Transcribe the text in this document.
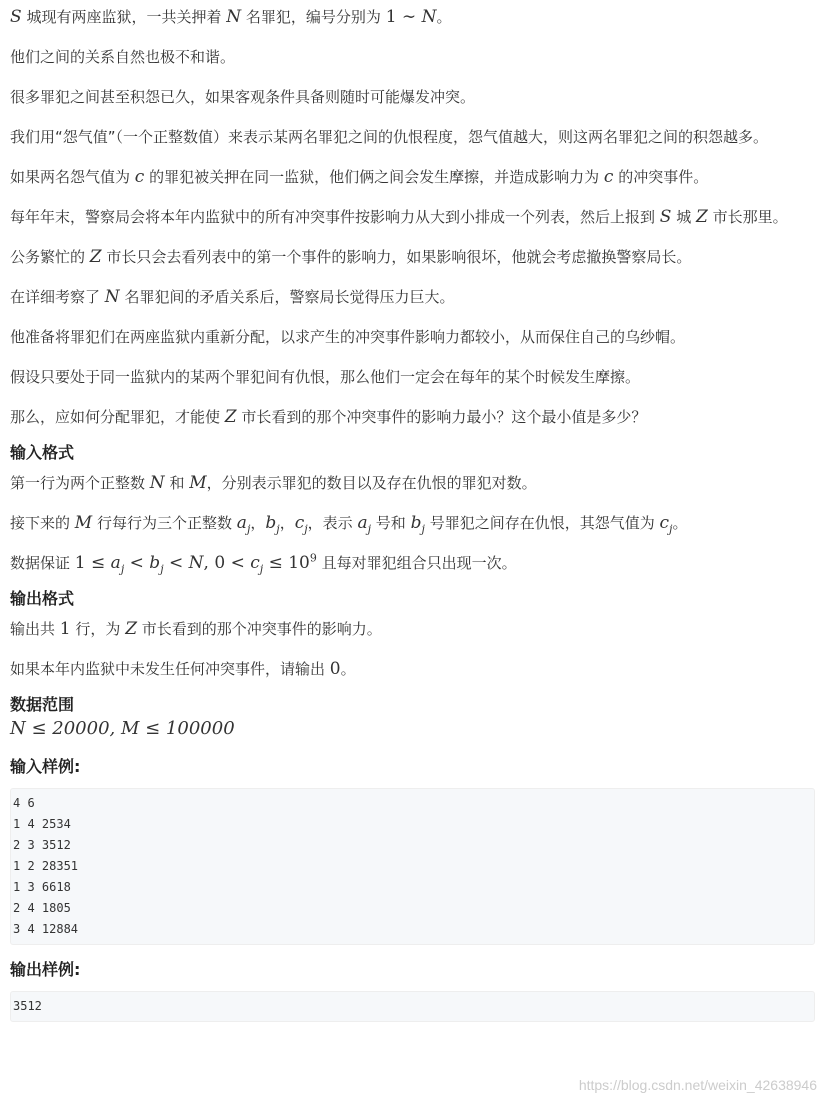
S 城现有两座监狱，一共关押着 N 名罪犯，编号分别为 1 ∼ N。

他们之间的关系自然也极不和谐。

很多罪犯之间甚至积怨已久，如果客观条件具备则随时可能爆发冲突。

我们用“怨气值”（一个正整数值）来表示某两名罪犯之间的仇恨程度，怨气值越大，则这两名罪犯之间的积怨越多。

如果两名怨气值为 c 的罪犯被关押在同一监狱，他们俩之间会发生摩擦，并造成影响力为 c 的冲突事件。

每年年末，警察局会将本年内监狱中的所有冲突事件按影响力从大到小排成一个列表，然后上报到 S 城 Z 市长那里。

公务繁忙的 Z 市长只会去看列表中的第一个事件的影响力，如果影响很坏，他就会考虑撤换警察局长。

在详细考察了 N 名罪犯间的矛盾关系后，警察局长觉得压力巨大。

他准备将罪犯们在两座监狱内重新分配，以求产生的冲突事件影响力都较小，从而保住自己的乌纱帽。

假设只要处于同一监狱内的某两个罪犯间有仇恨，那么他们一定会在每年的某个时候发生摩擦。

那么，应如何分配罪犯，才能使 Z 市长看到的那个冲突事件的影响力最小？这个最小值是多少？

输入格式

第一行为两个正整数 N 和 M，分别表示罪犯的数目以及存在仇恨的罪犯对数。

接下来的 M 行每行为三个正整数 $a_j$，$b_j$，$c_j$，表示 $a_j$ 号和 $b_j$ 号罪犯之间存在仇恨，其怨气值为 $c_j$。

数据保证 $1 \le a_j < b_j < N$, $0 < c_j \le 10^9$ 且每对罪犯组合只出现一次。

输出格式

输出共 1 行，为 Z 市长看到的那个冲突事件的影响力。

如果本年内监狱中未发生任何冲突事件，请输出 0。

数据范围
N ≤ 20000, M ≤ 100000
输入样例:
4 6
1 4 2534
2 3 3512
1 2 28351
1 3 6618
2 4 1805
3 4 12884
输出样例:
3512
https://blog.csdn.net/weixin_42638946
